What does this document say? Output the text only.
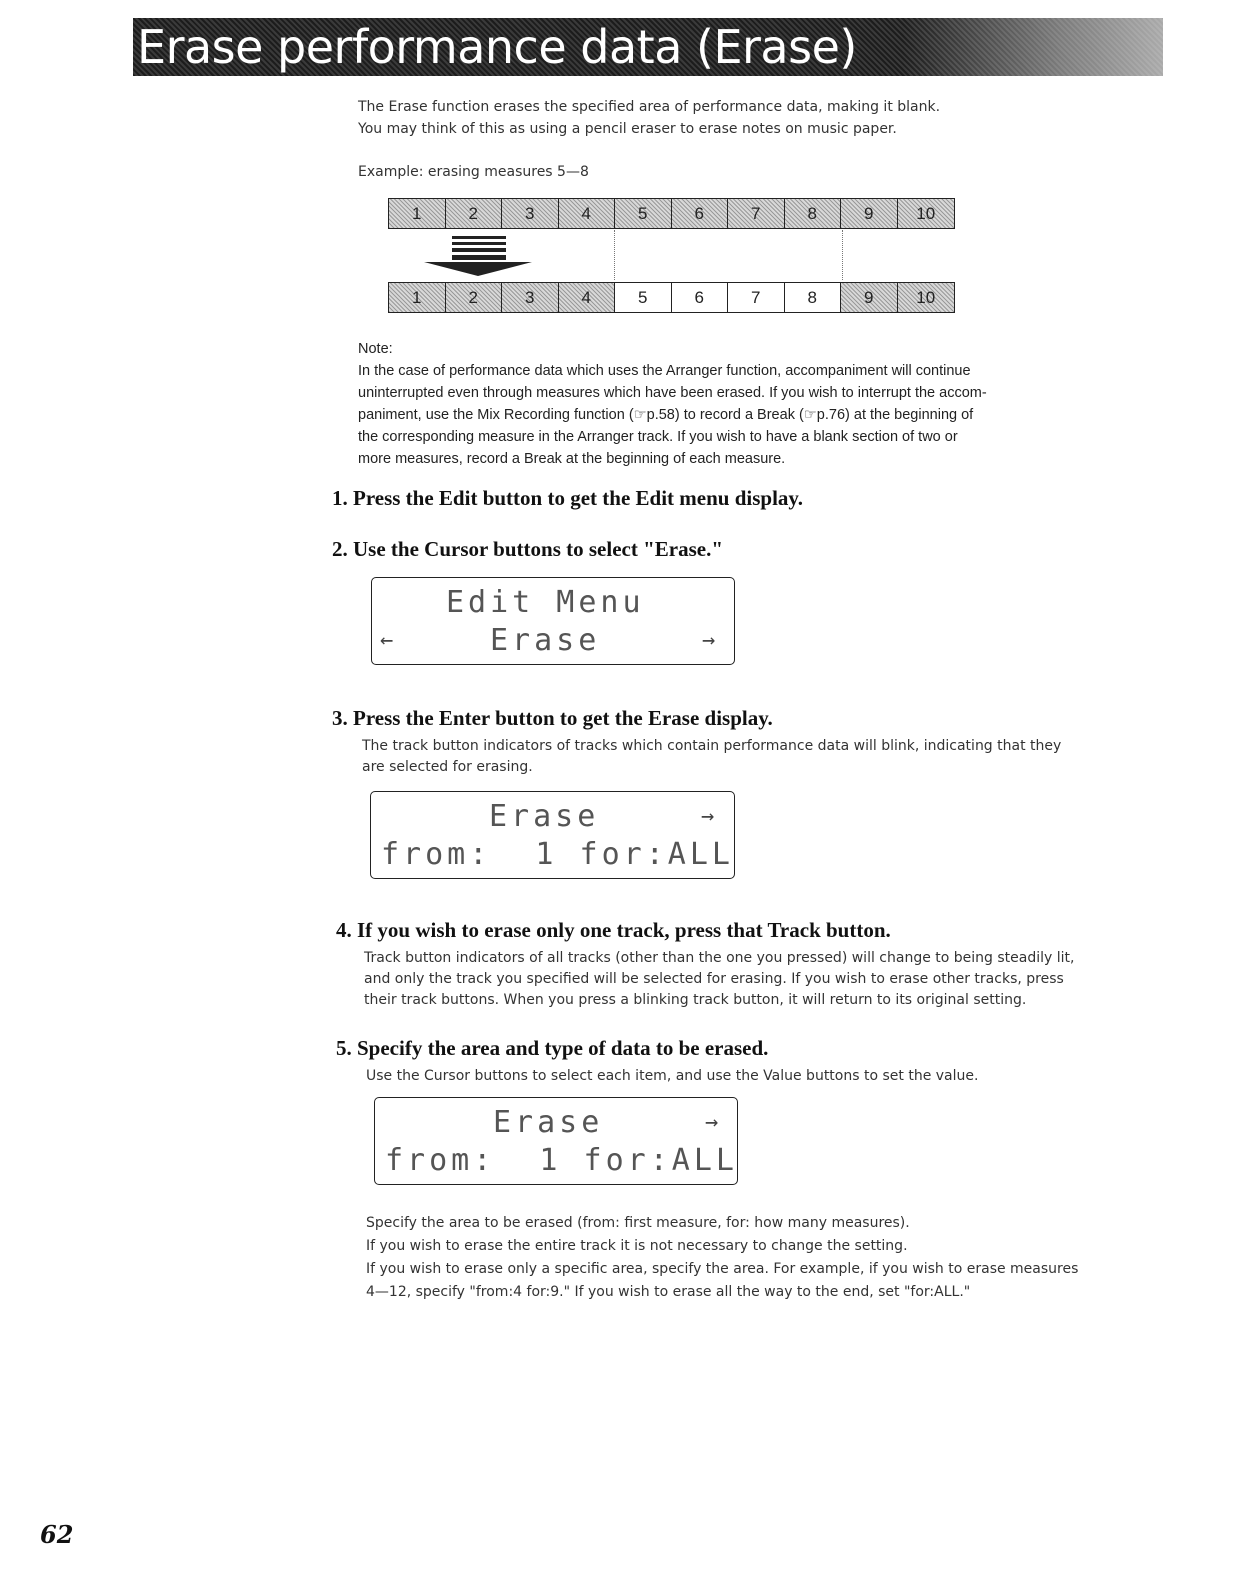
Erase performance data (Erase)
The Erase function erases the specified area of performance data, making it blank.
You may think of this as using a pencil eraser to erase notes on music paper.
Example: erasing measures 5—8
1	2	3	4	5	6	7	8	9	10
1	2	3	4	5	6	7	8	9	10
Note:
In the case of performance data which uses the Arranger function, accompaniment will continue
uninterrupted even through measures which have been erased. If you wish to interrupt the accom-
paniment, use the Mix Recording function (☞p.58) to record a Break (☞p.76) at the beginning of
the corresponding measure in the Arranger track. If you wish to have a blank section of two or
more measures, record a Break at the beginning of each measure.
1. Press the Edit button to get the Edit menu display.
2. Use the Cursor buttons to select "Erase."
Edit Menu
←	Erase	→
3. Press the Enter button to get the Erase display.
The track button indicators of tracks which contain performance data will blink, indicating that they
are selected for erasing.
Erase	→
from:  1 for:ALL
4. If you wish to erase only one track, press that Track button.
Track button indicators of all tracks (other than the one you pressed) will change to being steadily lit,
and only the track you specified will be selected for erasing. If you wish to erase other tracks, press
their track buttons. When you press a blinking track button, it will return to its original setting.
5. Specify the area and type of data to be erased.
Use the Cursor buttons to select each item, and use the Value buttons to set the value.
Erase	→
from:  1 for:ALL
Specify the area to be erased (from: first measure, for: how many measures).
If you wish to erase the entire track it is not necessary to change the setting.
If you wish to erase only a specific area, specify the area. For example, if you wish to erase measures
4—12, specify "from:4 for:9." If you wish to erase all the way to the end, set "for:ALL."
62
